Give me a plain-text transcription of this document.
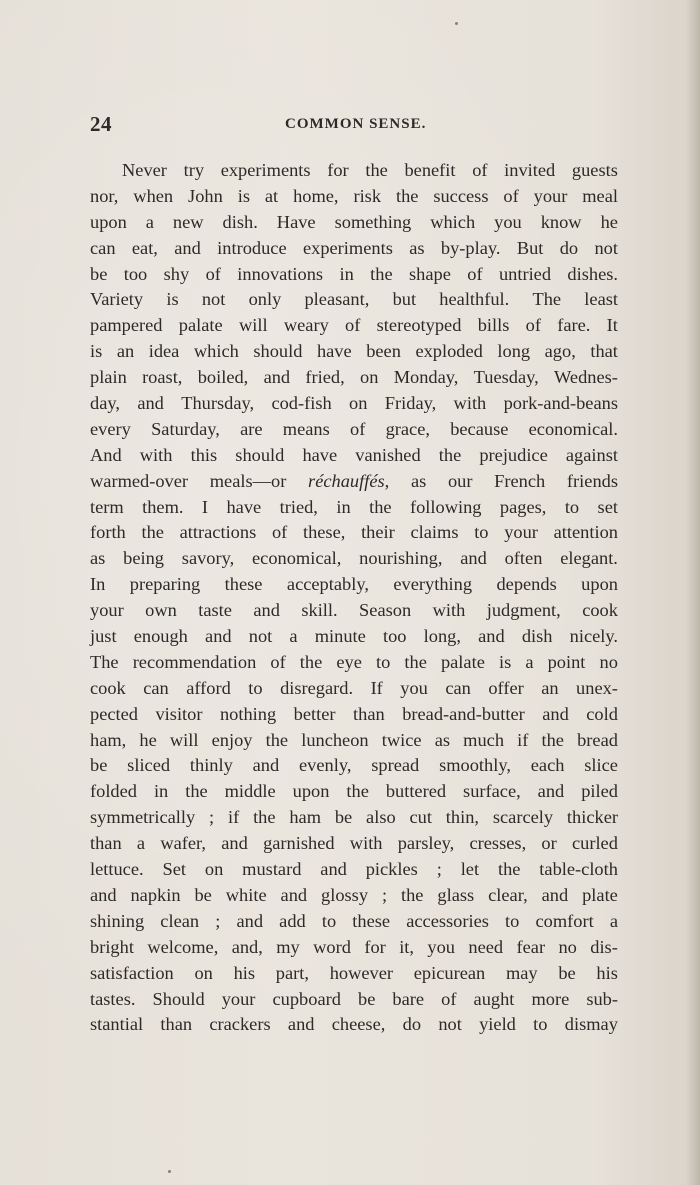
24	COMMON SENSE.
Never try experiments for the benefit of invited guests
nor, when John is at home, risk the success of your meal
upon a new dish. Have something which you know he
can eat, and introduce experiments as by-play. But do not
be too shy of innovations in the shape of untried dishes.
Variety is not only pleasant, but healthful. The least
pampered palate will weary of stereotyped bills of fare. It
is an idea which should have been exploded long ago, that
plain roast, boiled, and fried, on Monday, Tuesday, Wednes-
day, and Thursday, cod-fish on Friday, with pork-and-beans
every Saturday, are means of grace, because economical.
And with this should have vanished the prejudice against
warmed-over meals—or réchauffés, as our French friends
term them. I have tried, in the following pages, to set
forth the attractions of these, their claims to your attention
as being savory, economical, nourishing, and often elegant.
In preparing these acceptably, everything depends upon
your own taste and skill. Season with judgment, cook
just enough and not a minute too long, and dish nicely.
The recommendation of the eye to the palate is a point no
cook can afford to disregard. If you can offer an unex-
pected visitor nothing better than bread-and-butter and cold
ham, he will enjoy the luncheon twice as much if the bread
be sliced thinly and evenly, spread smoothly, each slice
folded in the middle upon the buttered surface, and piled
symmetrically ; if the ham be also cut thin, scarcely thicker
than a wafer, and garnished with parsley, cresses, or curled
lettuce. Set on mustard and pickles ; let the table-cloth
and napkin be white and glossy ; the glass clear, and plate
shining clean ; and add to these accessories to comfort a
bright welcome, and, my word for it, you need fear no dis-
satisfaction on his part, however epicurean may be his
tastes. Should your cupboard be bare of aught more sub-
stantial than crackers and cheese, do not yield to dismay
